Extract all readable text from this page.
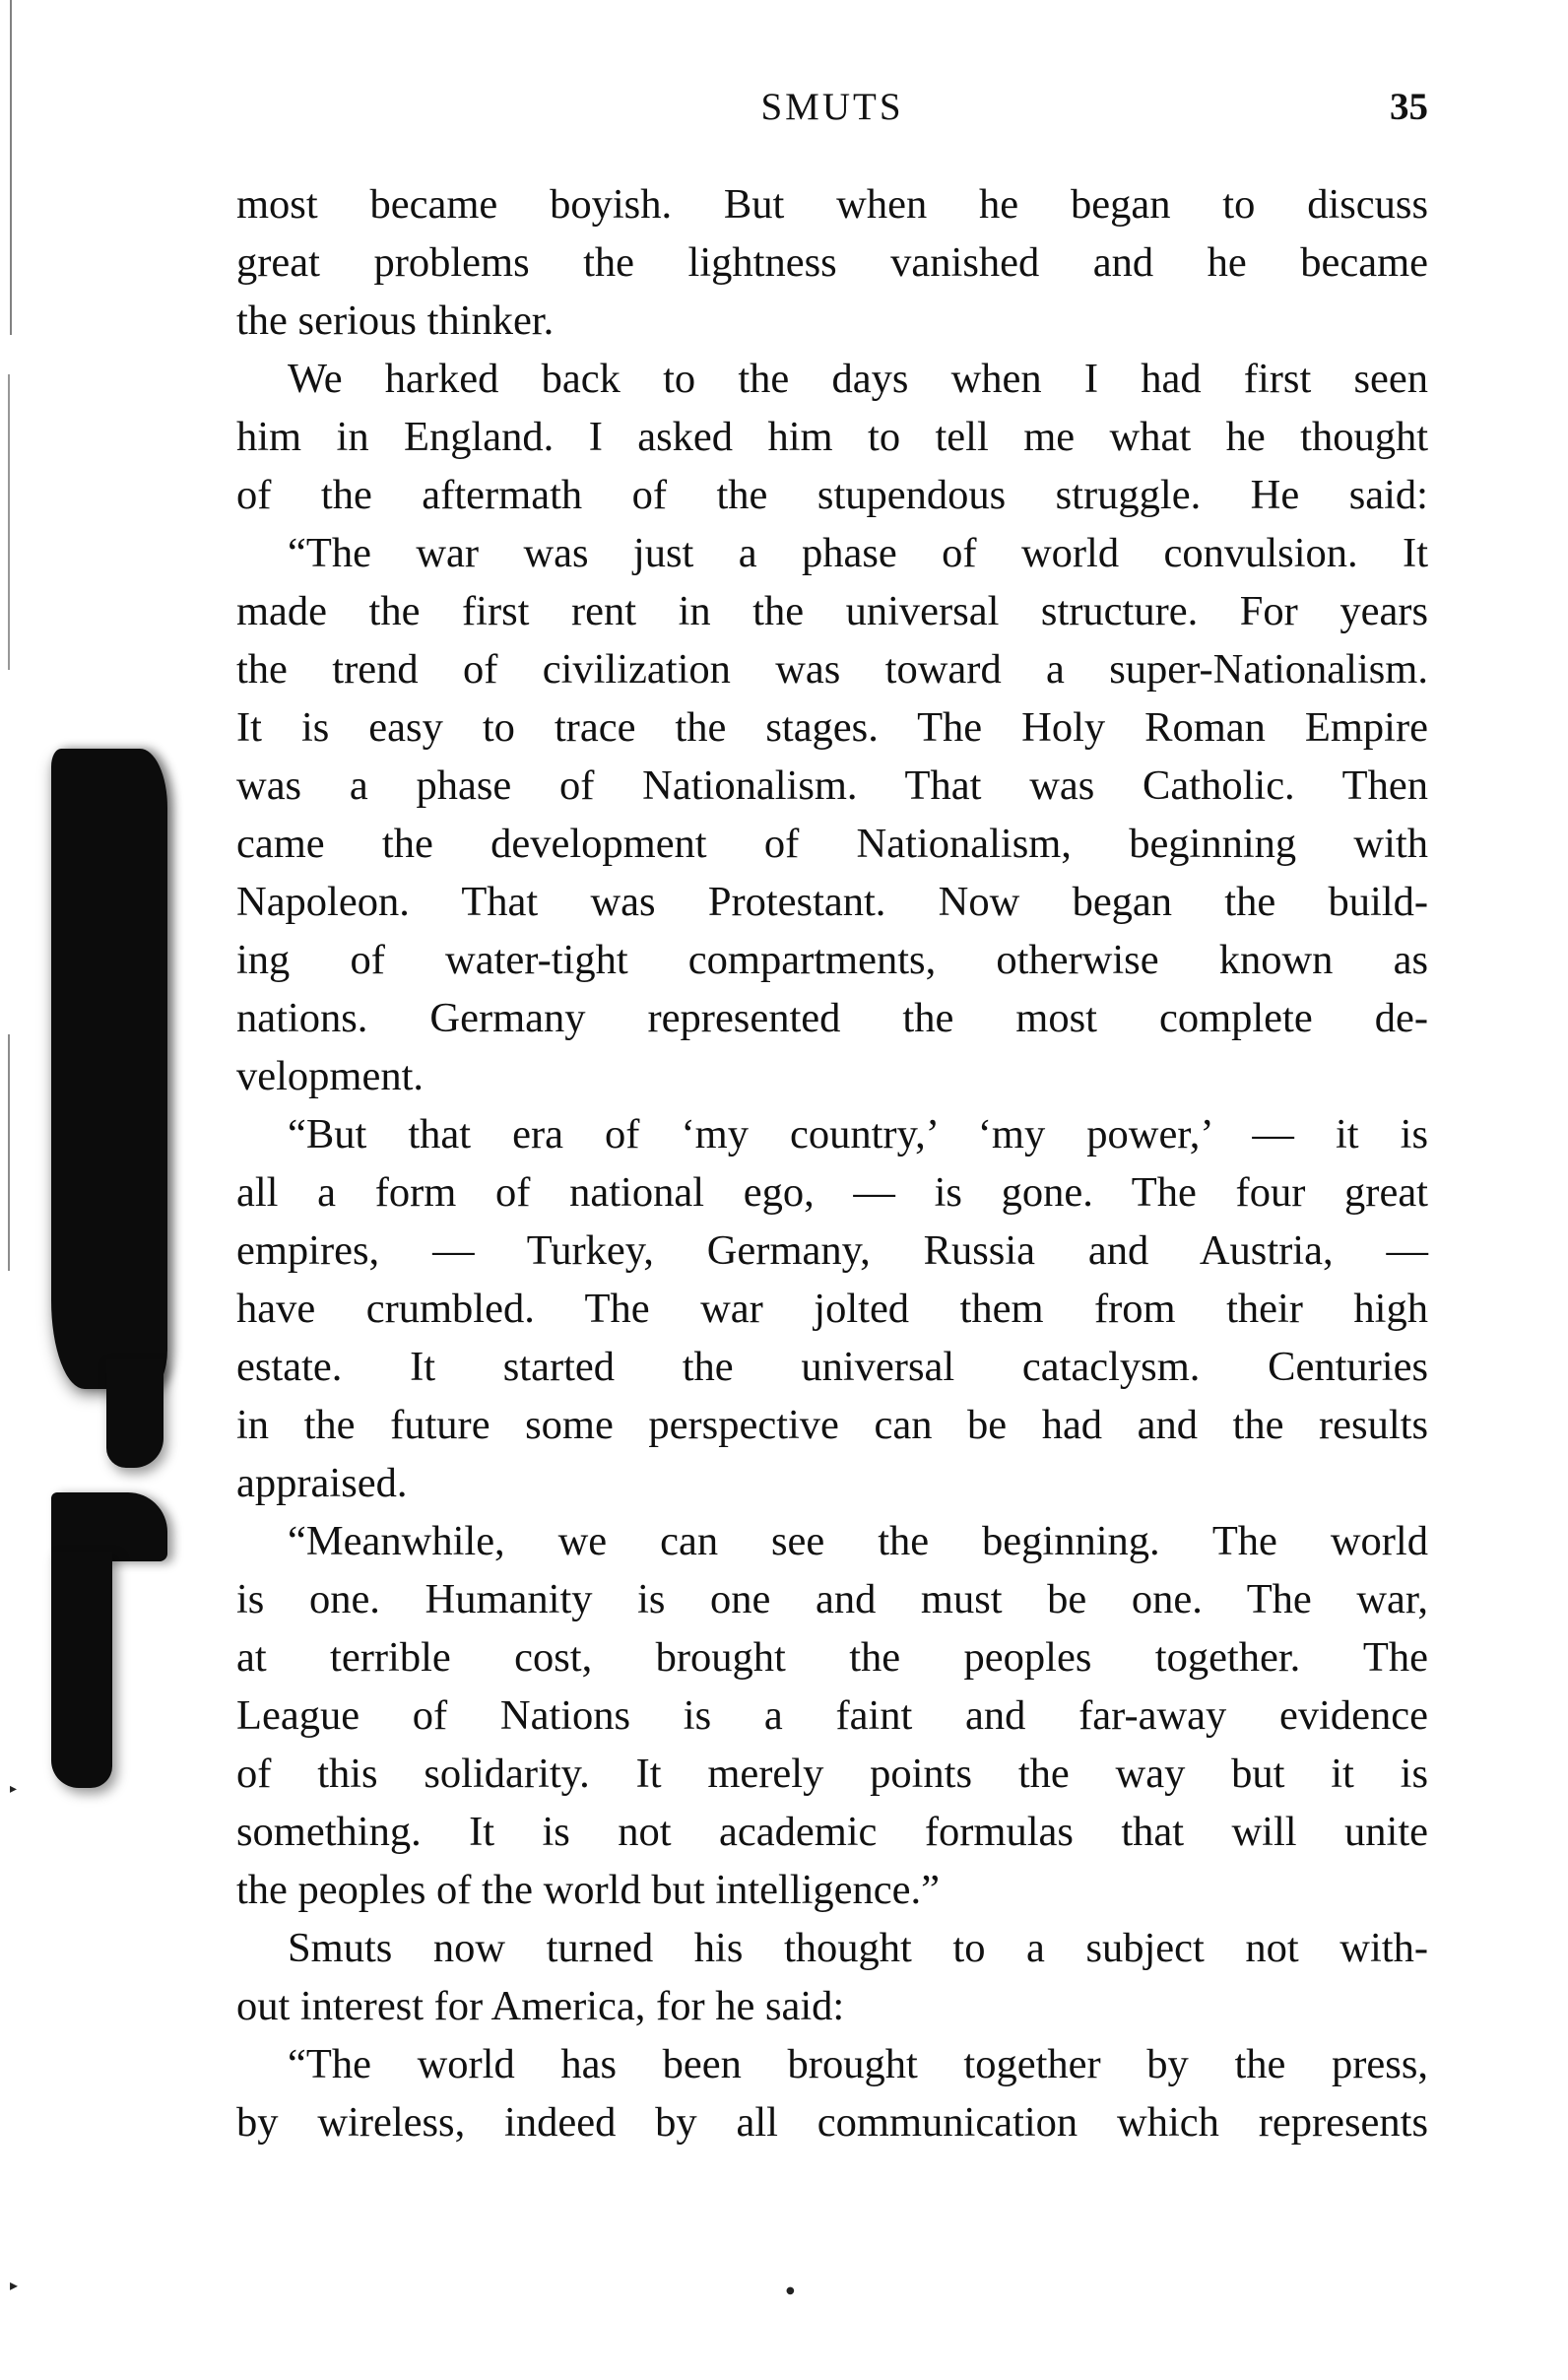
▸
▸	●
SMUTS	35
most became boyish. But when he began to discuss
great problems the lightness vanished and he became
the serious thinker.
We harked back to the days when I had first seen
him in England. I asked him to tell me what he thought
of the aftermath of the stupendous struggle. He said:
“The war was just a phase of world convulsion. It
made the first rent in the universal structure. For years
the trend of civilization was toward a super-Nationalism.
It is easy to trace the stages. The Holy Roman Empire
was a phase of Nationalism. That was Catholic. Then
came the development of Nationalism, beginning with
Napoleon. That was Protestant. Now began the build-
ing of water-tight compartments, otherwise known as
nations. Germany represented the most complete de-
velopment.
“But that era of ‘my country,’ ‘my power,’ — it is
all a form of national ego, — is gone. The four great
empires, — Turkey, Germany, Russia and Austria, —
have crumbled. The war jolted them from their high
estate. It started the universal cataclysm. Centuries
in the future some perspective can be had and the results
appraised.
“Meanwhile, we can see the beginning. The world
is one. Humanity is one and must be one. The war,
at terrible cost, brought the peoples together. The
League of Nations is a faint and far-away evidence
of this solidarity. It merely points the way but it is
something. It is not academic formulas that will unite
the peoples of the world but intelligence.”
Smuts now turned his thought to a subject not with-
out interest for America, for he said:
“The world has been brought together by the press,
by wireless, indeed by all communication which represents
